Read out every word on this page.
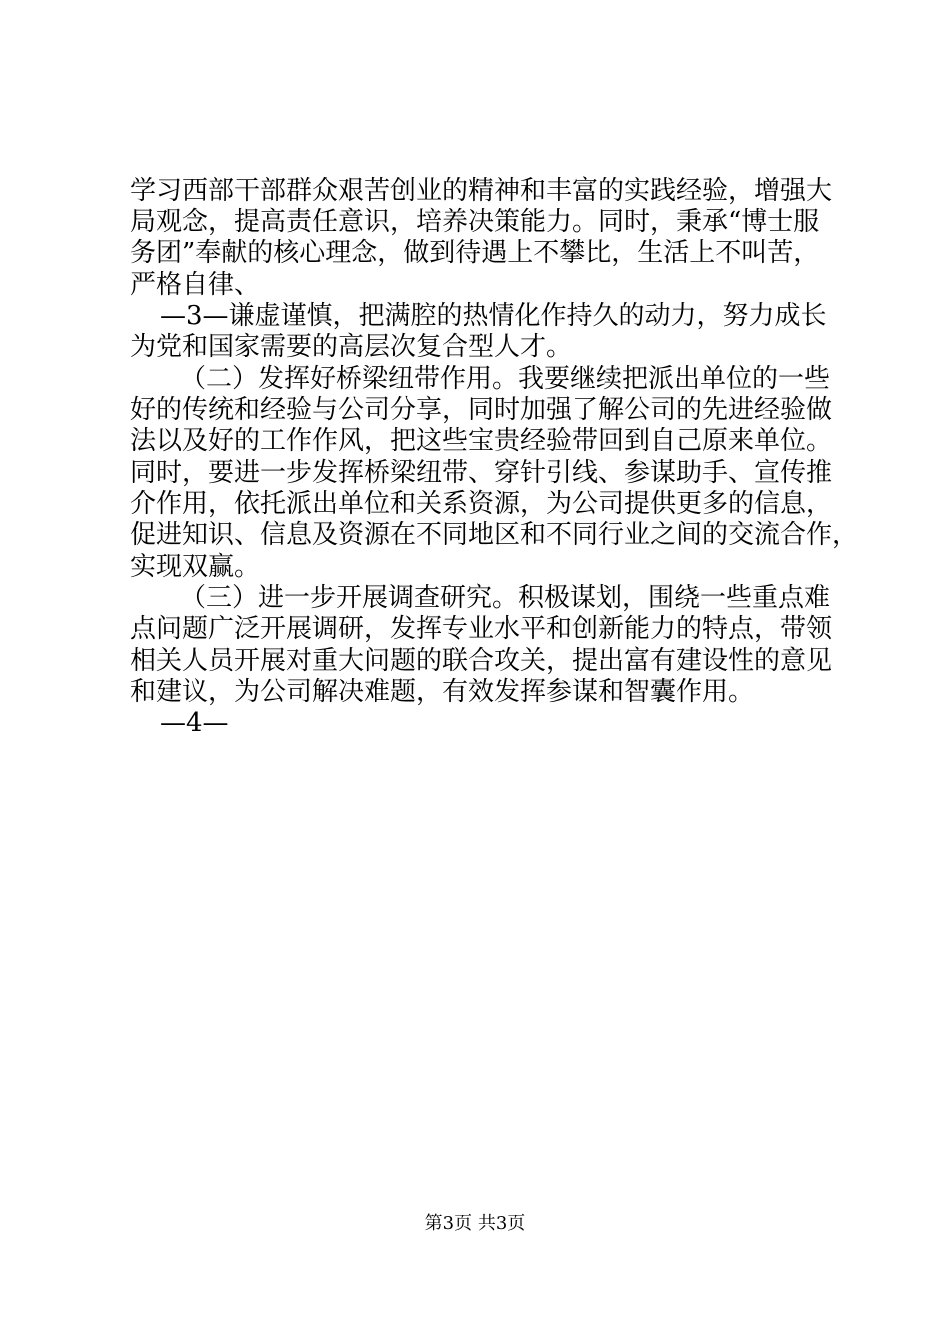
学习西部干部群众艰苦创业的精神和丰富的实践经验，增强大
局观念，提高责任意识，培养决策能力。同时，秉承“博士服
务团”奉献的核心理念，做到待遇上不攀比，生活上不叫苦，
严格自律、
—3—谦虚谨慎，把满腔的热情化作持久的动力，努力成长
为党和国家需要的高层次复合型人才。
（二）发挥好桥梁纽带作用。我要继续把派出单位的一些
好的传统和经验与公司分享，同时加强了解公司的先进经验做
法以及好的工作作风，把这些宝贵经验带回到自己原来单位。
同时，要进一步发挥桥梁纽带、穿针引线、参谋助手、宣传推
介作用，依托派出单位和关系资源，为公司提供更多的信息，
促进知识、信息及资源在不同地区和不同行业之间的交流合作，
实现双赢。
（三）进一步开展调查研究。积极谋划，围绕一些重点难
点问题广泛开展调研，发挥专业水平和创新能力的特点，带领
相关人员开展对重大问题的联合攻关，提出富有建设性的意见
和建议，为公司解决难题，有效发挥参谋和智囊作用。
—4—
第3页 共3页
